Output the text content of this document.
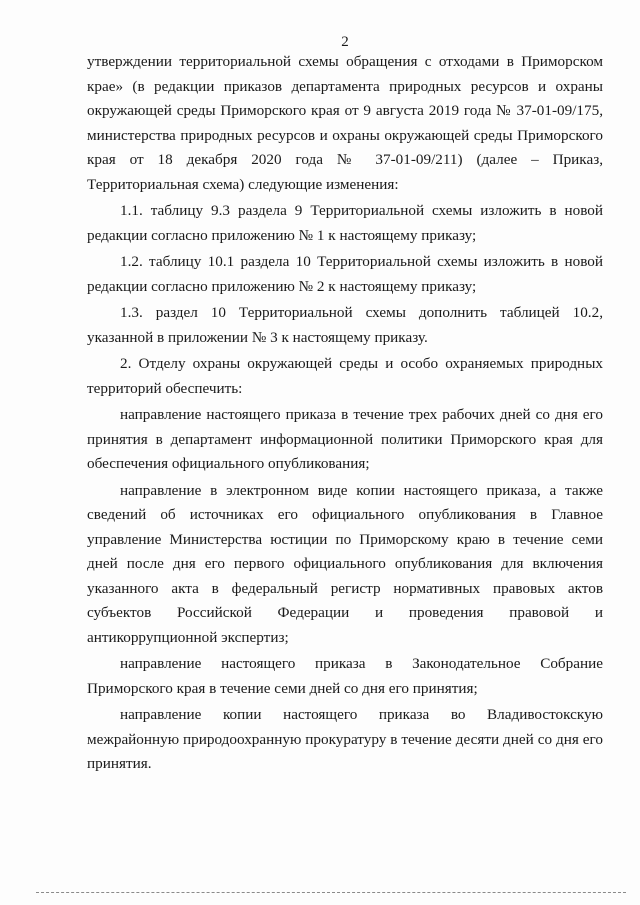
2

утверждении территориальной схемы обращения с отходами в Приморском крае» (в редакции приказов департамента природных ресурсов и охраны окружающей среды Приморского края от 9 августа 2019 года № 37-01-09/175, министерства природных ресурсов и охраны окружающей среды Приморского края от 18 декабря 2020 года № 37-01-09/211) (далее – Приказ, Территориальная схема) следующие изменения:

1.1. таблицу 9.3 раздела 9 Территориальной схемы изложить в новой редакции согласно приложению № 1 к настоящему приказу;

1.2. таблицу 10.1 раздела 10 Территориальной схемы изложить в новой редакции согласно приложению № 2 к настоящему приказу;

1.3. раздел 10 Территориальной схемы дополнить таблицей 10.2, указанной в приложении № 3 к настоящему приказу.

2. Отделу охраны окружающей среды и особо охраняемых природных территорий обеспечить:

направление настоящего приказа в течение трех рабочих дней со дня его принятия в департамент информационной политики Приморского края для обеспечения официального опубликования;

направление в электронном виде копии настоящего приказа, а также сведений об источниках его официального опубликования в Главное управление Министерства юстиции по Приморскому краю в течение семи дней после дня его первого официального опубликования для включения указанного акта в федеральный регистр нормативных правовых актов субъектов Российской Федерации и проведения правовой и антикоррупционной экспертиз;

направление настоящего приказа в Законодательное Собрание Приморского края в течение семи дней со дня его принятия;

направление копии настоящего приказа во Владивостокскую межрайонную природоохранную прокуратуру в течение десяти дней со дня его принятия.
